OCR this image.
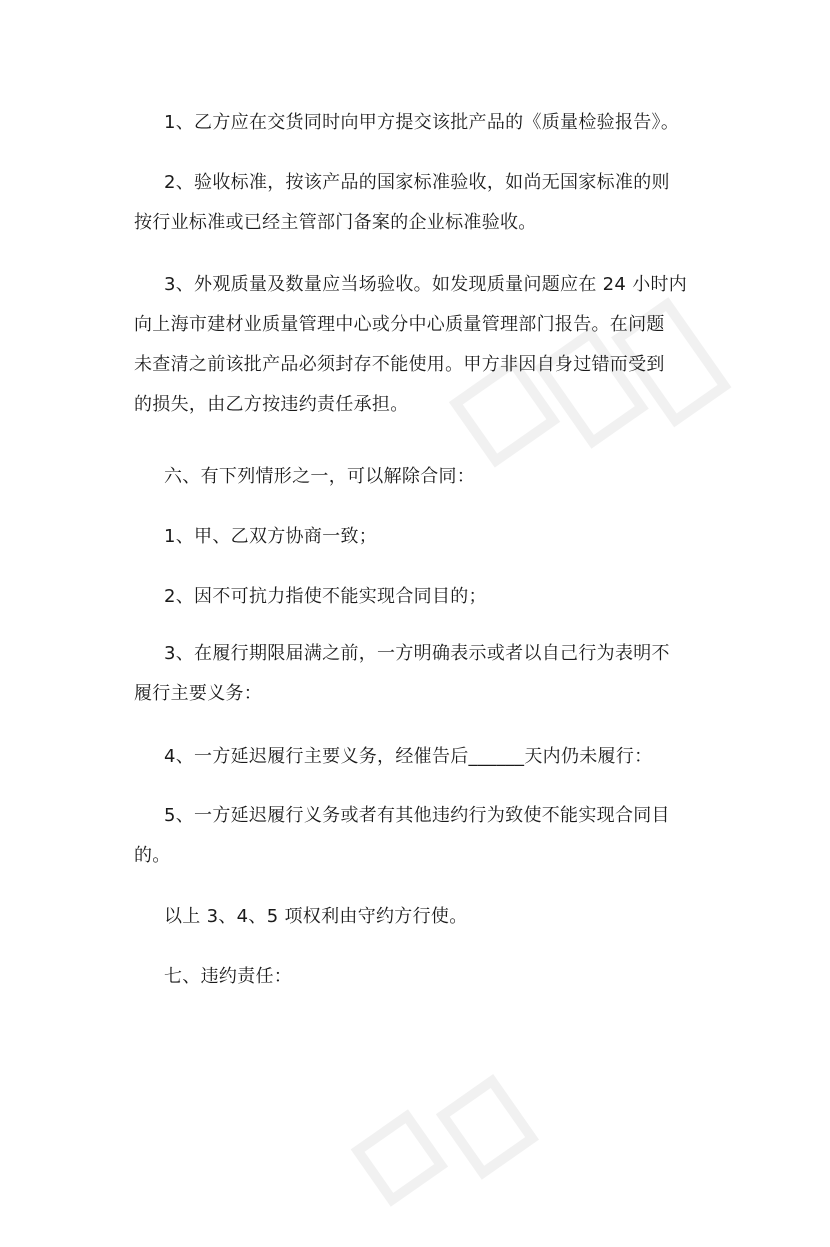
1、乙方应在交货同时向甲方提交该批产品的《质量检验报告》。

2、验收标准，按该产品的国家标准验收，如尚无国家标准的则
按行业标准或已经主管部门备案的企业标准验收。

3、外观质量及数量应当场验收。如发现质量问题应在 24 小时内
向上海市建材业质量管理中心或分中心质量管理部门报告。在问题
未查清之前该批产品必须封存不能使用。甲方非因自身过错而受到
的损失，由乙方按违约责任承担。

六、有下列情形之一，可以解除合同：

1、甲、乙双方协商一致；

2、因不可抗力指使不能实现合同目的；

3、在履行期限届满之前，一方明确表示或者以自己行为表明不
履行主要义务：

4、一方延迟履行主要义务，经催告后______天内仍未履行：

5、一方延迟履行义务或者有其他违约行为致使不能实现合同目
的。

以上 3、4、5 项权利由守约方行使。

七、违约责任：
